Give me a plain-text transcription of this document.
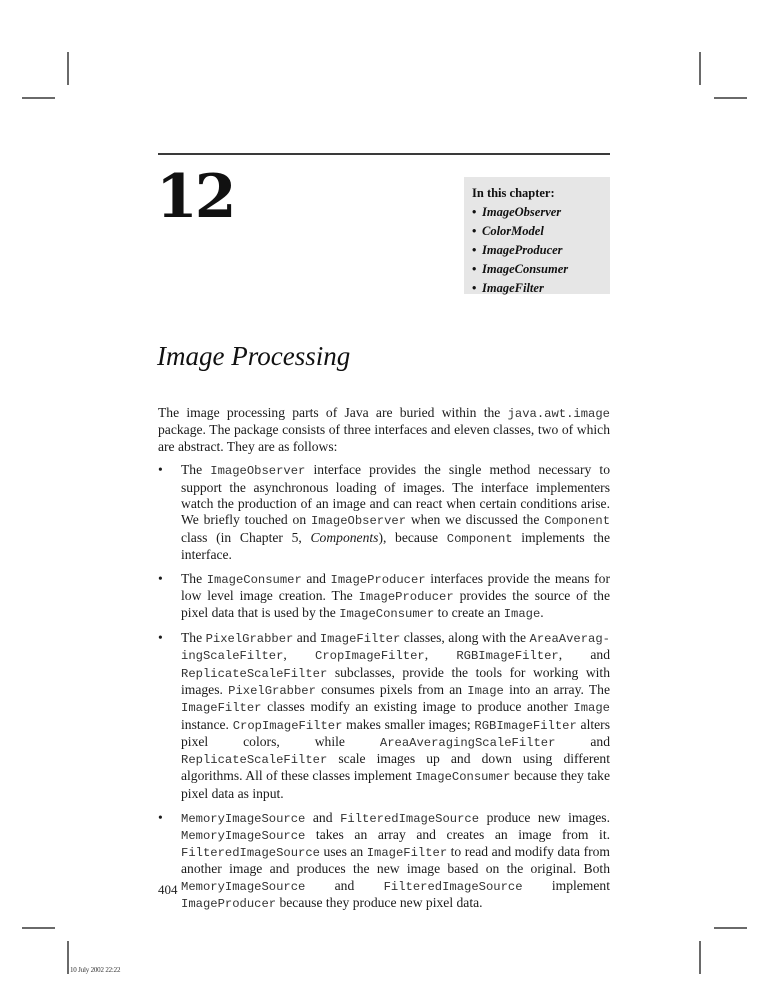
12	In this chapter:
• ImageObserver
• ColorModel
• ImageProducer
• ImageConsumer
• ImageFilter
Image Processing

The image processing parts of Java are buried within the java.awt.image package. The package consists of three interfaces and eleven classes, two of which are abstract. They are as follows:

• The ImageObserver interface provides the single method necessary to support the asynchronous loading of images. The interface implementers watch the production of an image and can react when certain conditions arise. We briefly touched on ImageObserver when we discussed the Component class (in Chapter 5, Components), because Component implements the interface.
• The ImageConsumer and ImageProducer interfaces provide the means for low level image creation. The ImageProducer provides the source of the pixel data that is used by the ImageConsumer to create an Image.
• The PixelGrabber and ImageFilter classes, along with the AreaAveragingScaleFilter, CropImageFilter, RGBImageFilter, and ReplicateScaleFilter subclasses, provide the tools for working with images. PixelGrabber consumes pixels from an Image into an array. The ImageFilter classes modify an existing image to produce another Image instance. CropImageFilter makes smaller images; RGBImageFilter alters pixel colors, while AreaAveragingScaleFilter and ReplicateScaleFilter scale images up and down using different algorithms. All of these classes implement ImageConsumer because they take pixel data as input.
• MemoryImageSource and FilteredImageSource produce new images. MemoryImageSource takes an array and creates an image from it. FilteredImageSource uses an ImageFilter to read and modify data from another image and produces the new image based on the original. Both MemoryImageSource and FilteredImageSource implement ImageProducer because they produce new pixel data.
404
10 July 2002 22:22
